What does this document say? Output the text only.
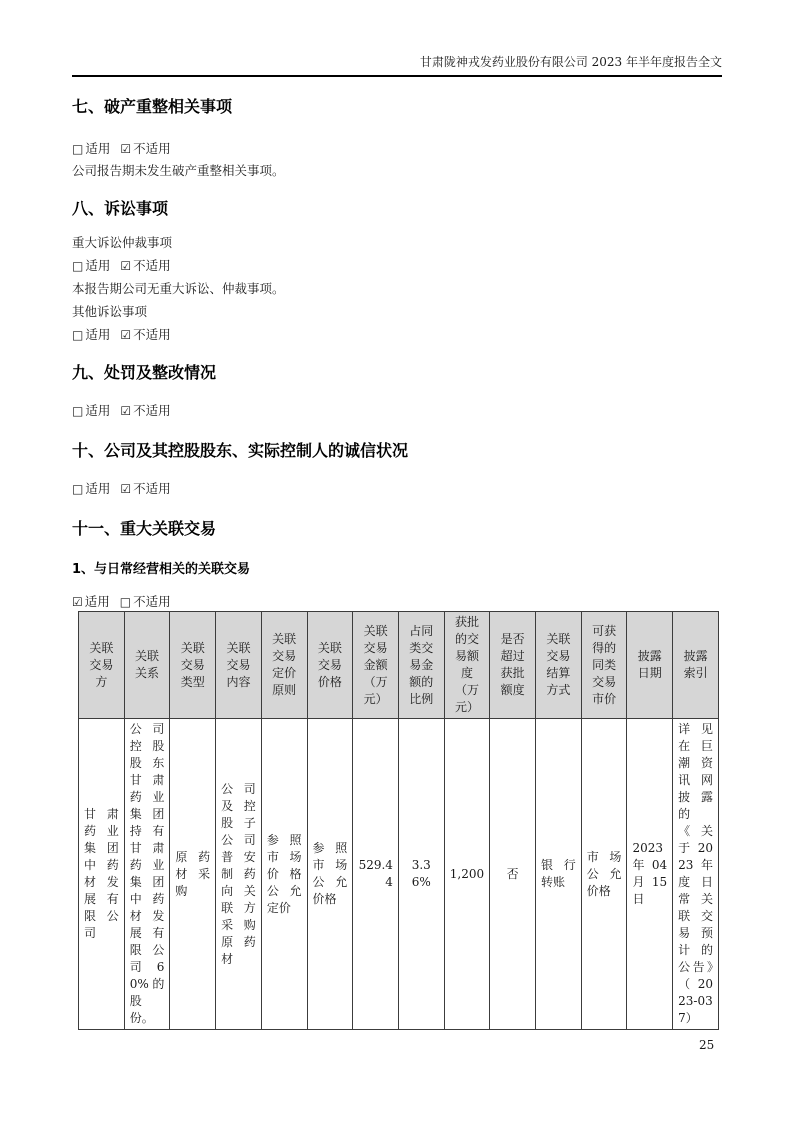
甘肃陇神戎发药业股份有限公司 2023 年半年度报告全文
七、破产重整相关事项

□ 适用 ☑ 不适用

公司报告期未发生破产重整相关事项。

八、诉讼事项

重大诉讼仲裁事项

□ 适用 ☑ 不适用

本报告期公司无重大诉讼、仲裁事项。

其他诉讼事项

□ 适用 ☑ 不适用

九、处罚及整改情况

□ 适用 ☑ 不适用

十、公司及其控股股东、实际控制人的诚信状况

□ 适用 ☑ 不适用

十一、重大关联交易
1、与日常经营相关的关联交易

☑ 适用 □ 不适用

关联交易方	关联关系	关联交易类型	关联交易内容	关联交易定价原则	关联交易价格	关联交易金额（万元）	占同类交易金额的比例	获批的交易额度（万元）	是否超过获批额度	关联交易结算方式	可获得的同类交易市价	披露日期	披露索引
甘肃药业集团中药材发展有限公司	公司控股股东甘肃药业集团持有甘肃药业集团中药材发展有限公司 60%的股份。	原药材采购	公司及控股子公司普安制药向关联方采购原药材	参照市场价格公允定价	参照市场公允价格	529.44	3.36%	1,200	否	银行转账	市场公允价格	2023 年 04 月 15 日	详见在巨潮资讯网披露的《关于 2023 年度日常关联交易预计的公告》（2023-037）
25
